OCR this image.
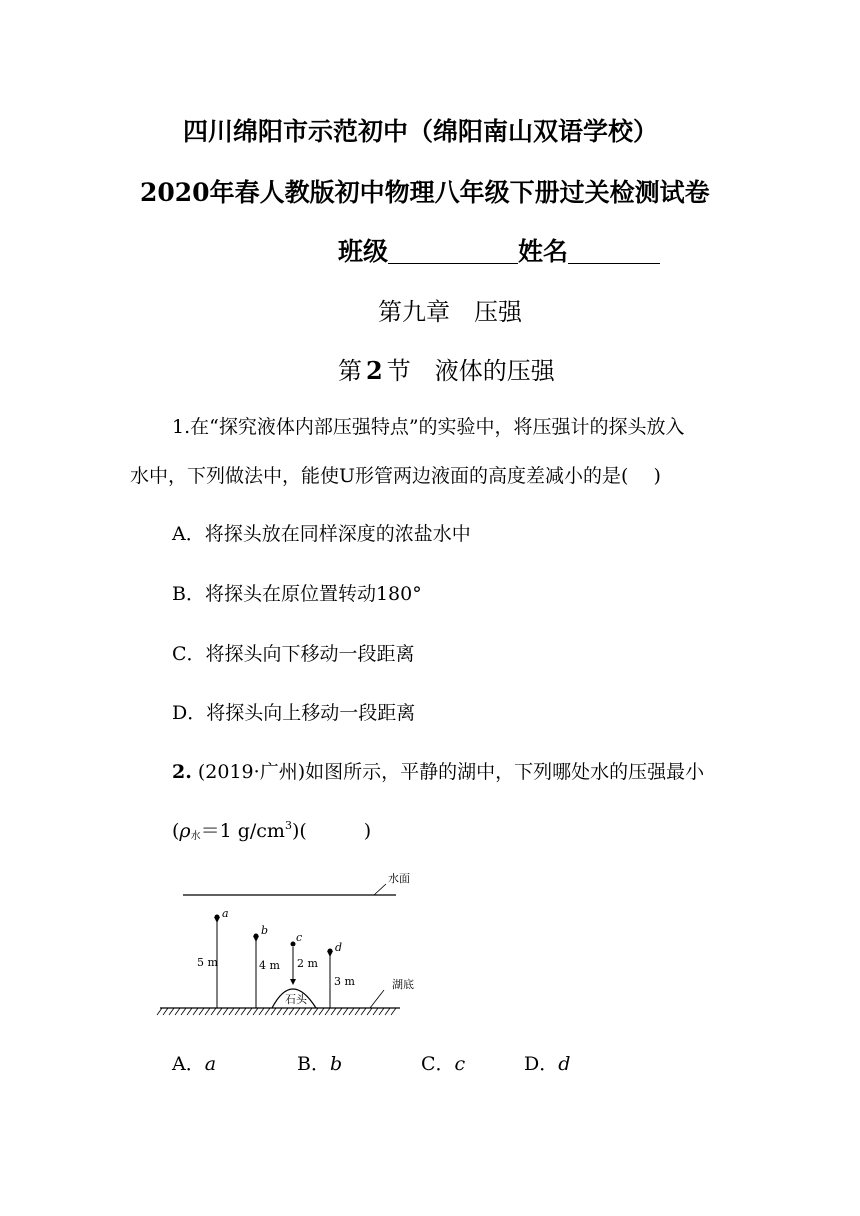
四川绵阳市示范初中（绵阳南山双语学校）
2020年春人教版初中物理八年级下册过关检测试卷
班级	姓名
第九章　压强
第 2 节　液体的压强
1.在“探究液体内部压强特点”的实验中，将压强计的探头放入
水中，下列做法中，能使U形管两边液面的高度差减小的是(　 )
A．将探头放在同样深度的浓盐水中
B．将探头在原位置转动180°
C．将探头向下移动一段距离
D．将探头向上移动一段距离
2. (2019·广州)如图所示，平静的湖中，下列哪处水的压强最小
($\rho_水=1$ $g/cm^3$)(　　　)
水面
湖底
石头
a
5 m
b
4 m
c
2 m
d
3 m
A．a	B．b	C．c	D．d
